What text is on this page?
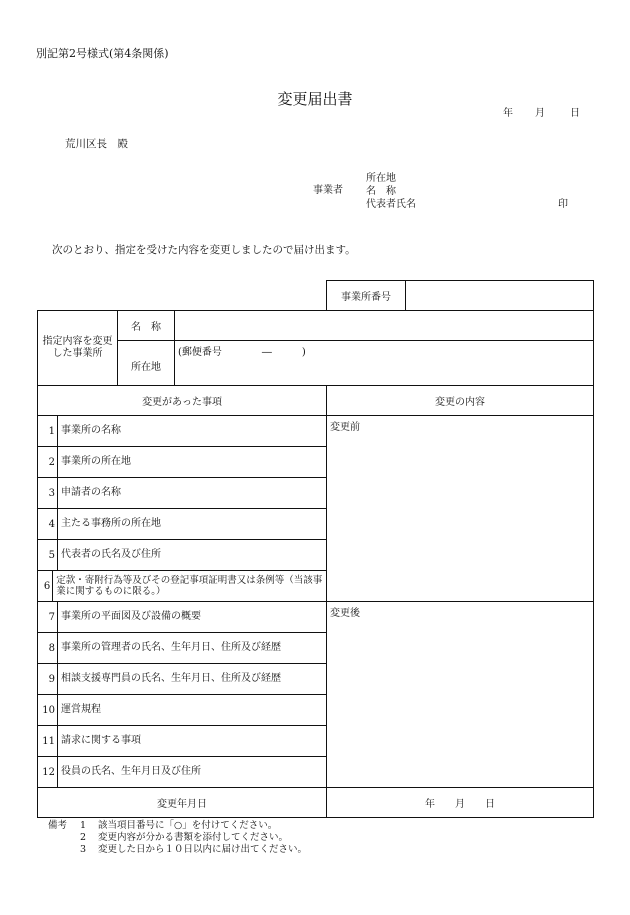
別記第2号様式(第4条関係)
変更届出書
年 月	日
荒川区長　殿
事業者
所在地
名　称
代表者氏名	印
次のとおり、指定を受けた内容を変更しましたので届け出ます。
			事業所番号	

指定内容を変更した事業所	名　称			
	所在地	(郵便番号　　　　―　　　)		
変更があった事項			変更の内容	

1 事業所の名称			変更前	

2 事業所の所在地				

3 申請者の名称				

4 主たる事務所の所在地				

5 代表者の氏名及び住所				

6 定款・寄附行為等及びその登記事項証明書又は条例等（当該事業に関するものに限る。）				

7 事業所の平面図及び設備の概要			変更後	

8 事業所の管理者の氏名、生年月日、住所及び経歴				

9 相談支援専門員の氏名、生年月日、住所及び経歴				

10 運営規程				

11 請求に関する事項				

12 役員の氏名、生年月日及び住所				

変更年月日			年　　月　　日	
備考 1 該当項目番号に「○」を付けてください。
2 変更内容が分かる書類を添付してください。
3 変更した日から１０日以内に届け出てください。
